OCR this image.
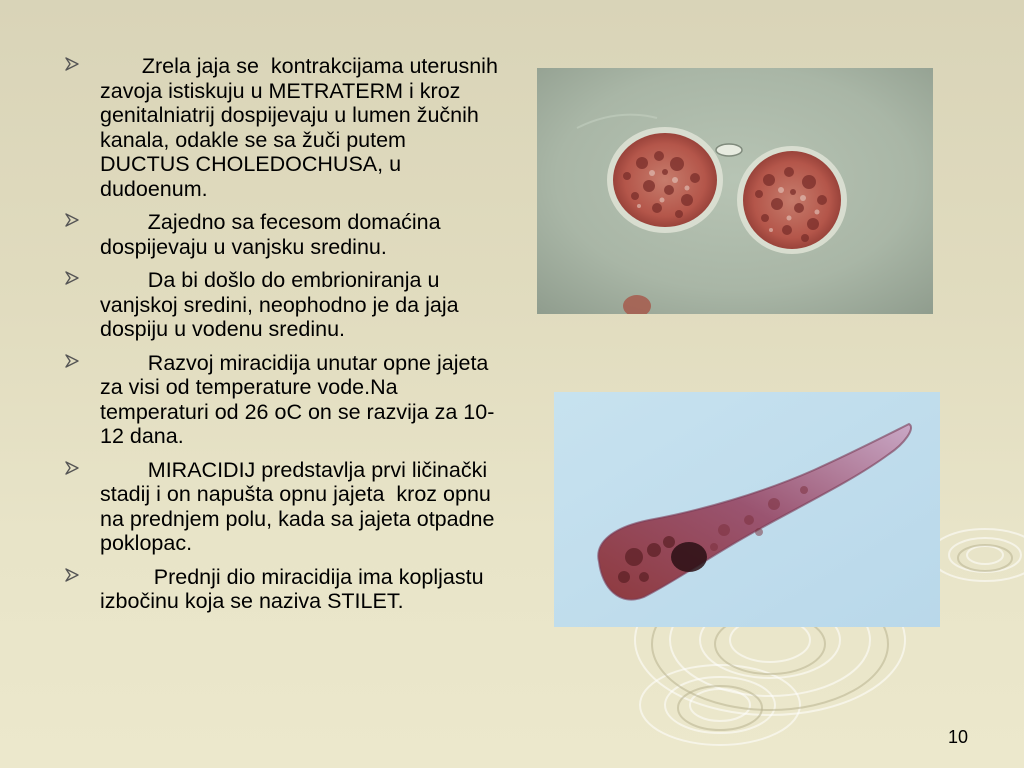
Zrela jaja se  kontrakcijama uterusnih zavoja istiskuju u METRATERM i kroz genitalniatrij dospijevaju u lumen žučnih kanala, odakle se sa žuči putem DUCTUS CHOLEDOCHUSA, u dudoenum.
Zajedno sa fecesom domaćina dospijevaju u vanjsku sredinu.
Da bi došlo do embrioniranja u vanjskoj sredini, neophodno je da jaja dospiju u vodenu sredinu.
Razvoj miracidija unutar opne jajeta za visi od temperature vode.Na temperaturi od 26 oC on se razvija za 10-12 dana.
MIRACIDIJ predstavlja prvi ličinački stadij i on napušta opnu jajeta  kroz opnu na prednjem polu, kada sa jajeta otpadne poklopac.
Prednji dio miracidija ima kopljastu izbočinu koja se naziva STILET.
10
